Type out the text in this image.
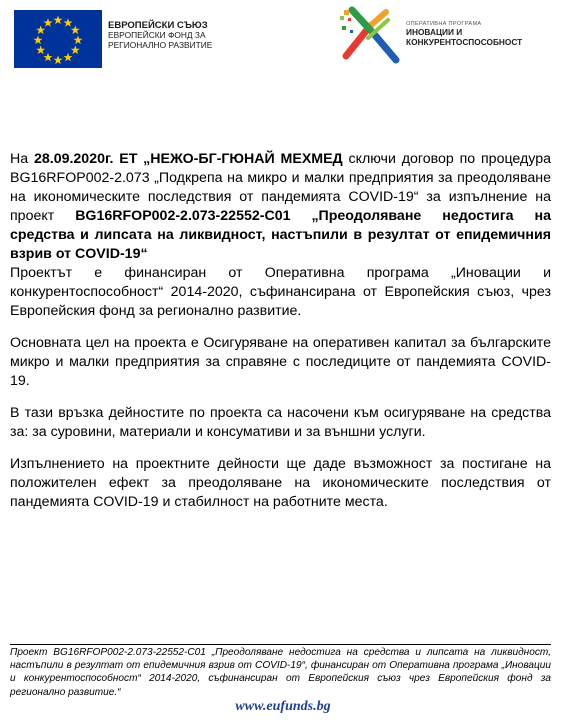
ЕВРОПЕЙСКИ СЪЮЗ
ЕВРОПЕЙСКИ ФОНД ЗА
РЕГИОНАЛНО РАЗВИТИЕ
ОПЕРАТИВНА ПРОГРАМА
ИНОВАЦИИ И
КОНКУРЕНТОСПОСОБНОСТ

На 28.09.2020г. ЕТ „НЕЖО-БГ-ГЮНАЙ МЕХМЕД сключи договор по процедура BG16RFOP002-2.073 „Подкрепа на микро и малки предприятия за преодоляване на икономическите последствия от пандемията COVID-19“ за изпълнение на проект BG16RFOP002-2.073-22552-C01 „Преодоляване недостига на средства и липсата на ликвидност, настъпили в резултат от епидемичния взрив от COVID-19“

Проектът е финансиран от Оперативна програма „Иновации и конкурентоспособност“ 2014-2020, съфинансирана от Европейския съюз, чрез Европейския фонд за регионално развитие.

Основната цел на проекта е Осигуряване на оперативен капитал за българските микро и малки предприятия за справяне с последиците от пандемията COVID-19.

В тази връзка дейностите по проекта са насочени към осигуряване на средства за: за суровини, материали и консумативи и за външни услуги.

Изпълнението на проектните дейности ще даде възможност за постигане на положителен ефект за преодоляване на икономическите последствия от пандемията COVID-19 и стабилност на работните места.

Проект BG16RFOP002-2.073-22552-C01 „Преодоляване недостига на средства и липсата на ликвидност, настъпили в резултат от епидемичния взрив от COVID-19“, финансиран от Оперативна програма „Иновации и конкурентоспособност“ 2014-2020, съфинансиран от Европейския съюз чрез Европейския фонд за регионално развитие.“
www.eufunds.bg
